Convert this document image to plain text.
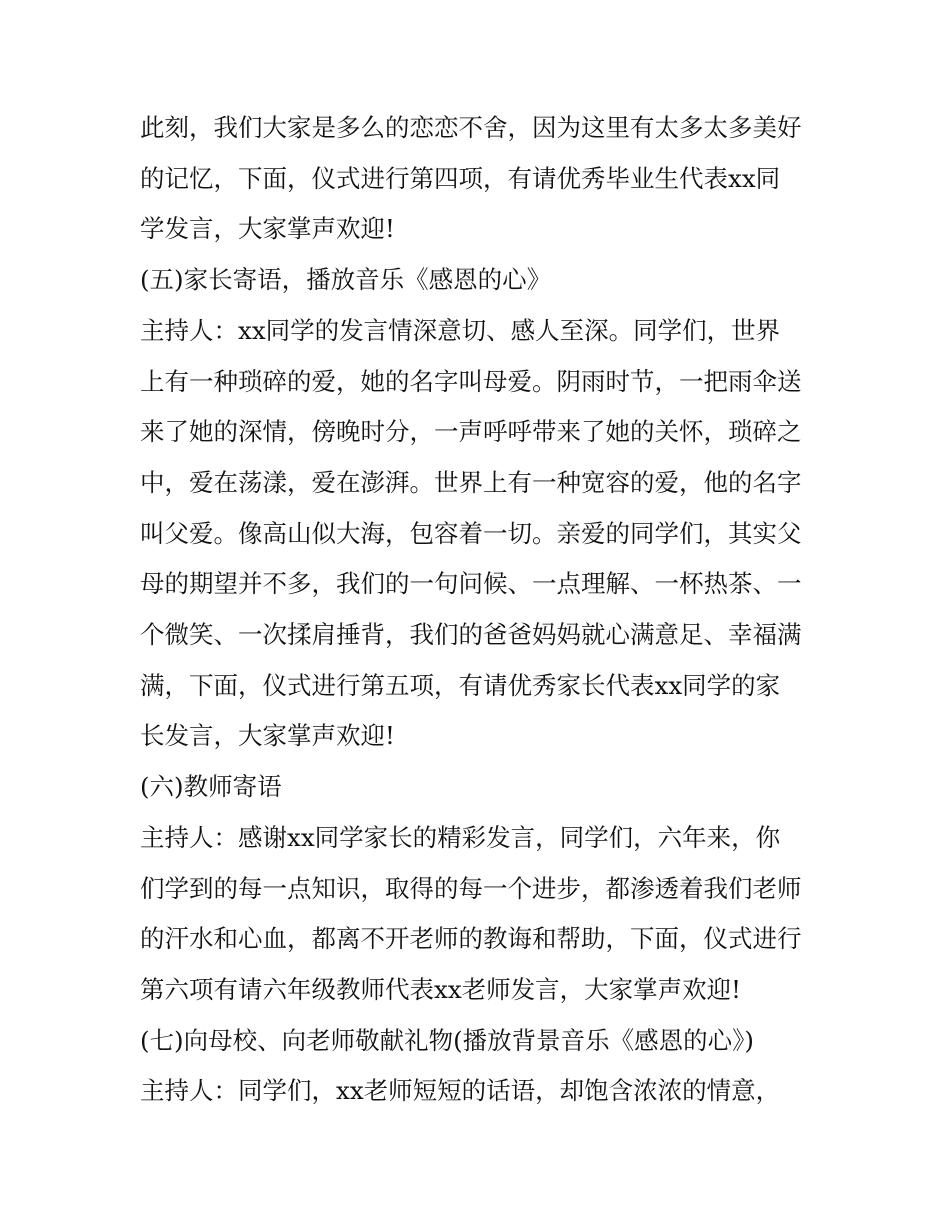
此刻，我们大家是多么的恋恋不舍，因为这里有太多太多美好
的记忆，下面，仪式进行第四项，有请优秀毕业生代表xx同
学发言，大家掌声欢迎!
(五)家长寄语，播放音乐《感恩的心》
主持人：xx同学的发言情深意切、感人至深。同学们，世界
上有一种琐碎的爱，她的名字叫母爱。阴雨时节，一把雨伞送
来了她的深情，傍晚时分，一声呼呼带来了她的关怀，琐碎之
中，爱在荡漾，爱在澎湃。世界上有一种宽容的爱，他的名字
叫父爱。像高山似大海，包容着一切。亲爱的同学们，其实父
母的期望并不多，我们的一句问候、一点理解、一杯热茶、一
个微笑、一次揉肩捶背，我们的爸爸妈妈就心满意足、幸福满
满，下面，仪式进行第五项，有请优秀家长代表xx同学的家
长发言，大家掌声欢迎!
(六)教师寄语
主持人：感谢xx同学家长的精彩发言，同学们，六年来，你
们学到的每一点知识，取得的每一个进步，都渗透着我们老师
的汗水和心血，都离不开老师的教诲和帮助，下面，仪式进行
第六项有请六年级教师代表xx老师发言，大家掌声欢迎!
(七)向母校、向老师敬献礼物(播放背景音乐《感恩的心》)
主持人：同学们，xx老师短短的话语，却饱含浓浓的情意，
